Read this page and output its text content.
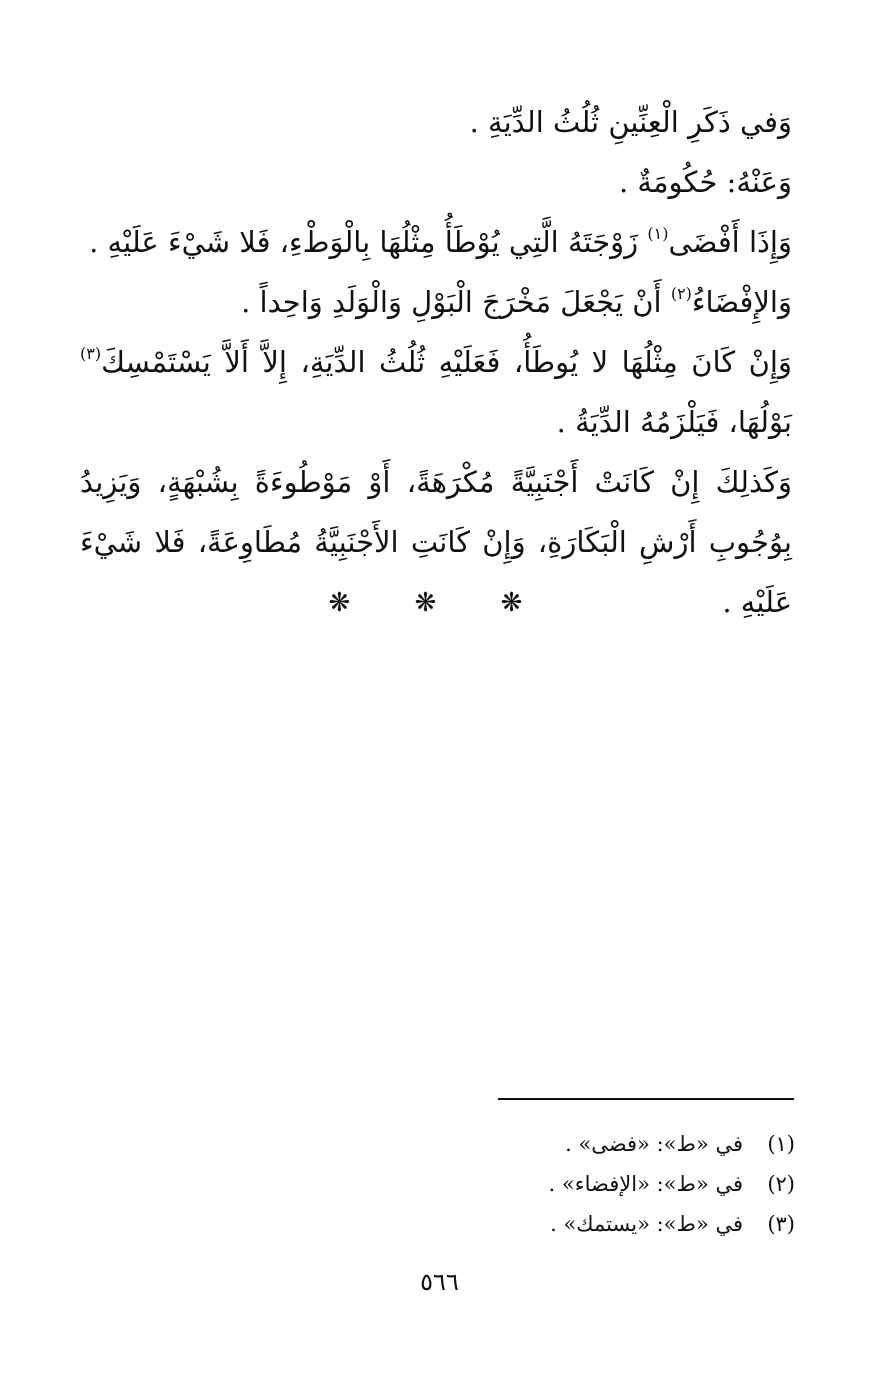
وَفي ذَكَرِ الْعِنِّينِ ثُلُثُ الدِّيَةِ .

وَعَنْهُ: حُكُومَةٌ .

وَإِذَا أَفْضَى$^{(١)}$ زَوْجَتَهُ الَّتِي يُوْطَأُ مِثْلُهَا بِالْوَطْءِ، فَلا شَيْءَ عَلَيْهِ .

وَالإِفْضَاءُ$^{(٢)}$ أَنْ يَجْعَلَ مَخْرَجَ الْبَوْلِ وَالْوَلَدِ وَاحِداً .

وَإِنْ كَانَ مِثْلُهَا لا يُوطَأُ، فَعَلَيْهِ ثُلُثُ الدِّيَةِ، إِلاَّ أَلاَّ يَسْتَمْسِكَ$^{(٣)}$ بَوْلُهَا، فَيَلْزَمُهُ الدِّيَةُ .

وَكَذلِكَ إِنْ كَانَتْ أَجْنَبِيَّةً مُكْرَهَةً، أَوْ مَوْطُوءَةً بِشُبْهَةٍ، وَيَزِيدُ بِوُجُوبِ أَرْشِ الْبَكَارَةِ، وَإِنْ كَانَتِ الأَجْنَبِيَّةُ مُطَاوِعَةً، فَلا شَيْءَ عَلَيْهِ .

❋ ❋ ❋

(١)في «ط»: «فضى» .

(٢)في «ط»: «الإفضاء» .

(٣)في «ط»: «يستمك» .

٥٦٦
